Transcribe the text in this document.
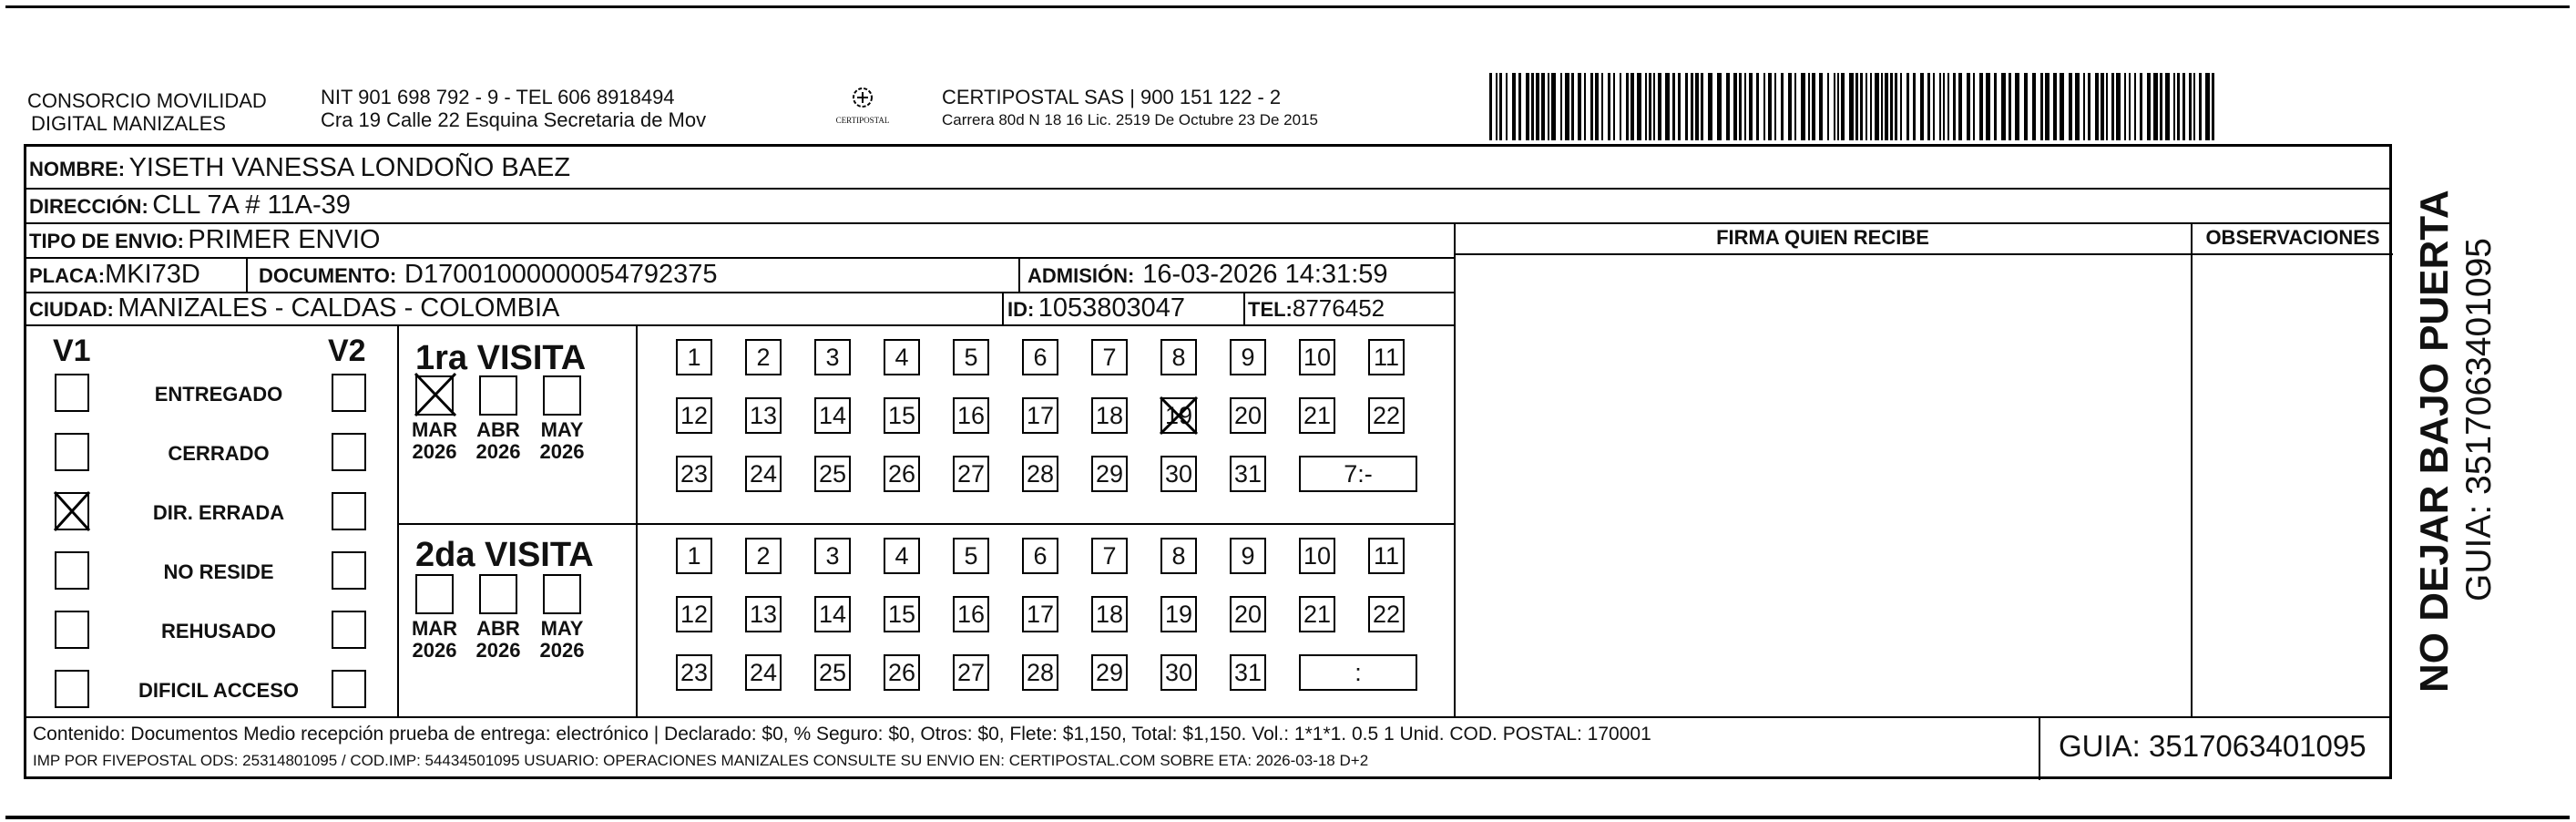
CONSORCIO MOVILIDAD
DIGITAL MANIZALES
NIT 901 698 792 - 9 - TEL 606 8918494
Cra 19 Calle 22 Esquina Secretaria de Mov	CERTIPOSTAL
CERTIPOSTAL SAS | 900 151 122 - 2
Carrera 80d N 18 16 Lic. 2519 De Octubre 23 De 2015
NOMBRE: YISETH VANESSA LONDOÑO BAEZ
DIRECCIÓN: CLL 7A # 11A-39
TIPO DE ENVIO: PRIMER ENVIO
PLACA:MKI73D	DOCUMENTO: D17001000000054792375	ADMISIÓN: 16-03-2026 14:31:59
CIUDAD: MANIZALES - CALDAS - COLOMBIA	ID: 1053803047	TEL:8776452
FIRMA QUIEN RECIBE	OBSERVACIONES
V1	V2
ENTREGADO
CERRADO
DIR. ERRADA
NO RESIDE
REHUSADO
DIFICIL ACCESO
1ra VISITA
2da VISITA
MAR
2026
ABR
2026
MAY
2026
1	2	3	4	5	6	7	8	9	10 11
12 13 14 15 16 17 18 19 20 21 22
23 24 25 26 27 28 29 30 31	7:-
MAR
2026
ABR
2026
MAY
2026
1	2	3	4	5	6	7	8	9	10 11
12 13 14 15 16 17 18 19 20 21 22
23 24 25 26 27 28 29 30 31	:
Contenido: Documentos Medio recepción prueba de entrega: electrónico | Declarado: $0, % Seguro: $0, Otros: $0, Flete: $1,150, Total: $1,150. Vol.: 1*1*1. 0.5 1 Unid. COD. POSTAL: 170001
IMP POR FIVEPOSTAL ODS: 25314801095 / COD.IMP: 54434501095 USUARIO: OPERACIONES MANIZALES CONSULTE SU ENVIO EN: CERTIPOSTAL.COM SOBRE ETA: 2026-03-18 D+2	GUIA: 3517063401095
NO DEJAR BAJO PUERTA GUIA: 3517063401095
